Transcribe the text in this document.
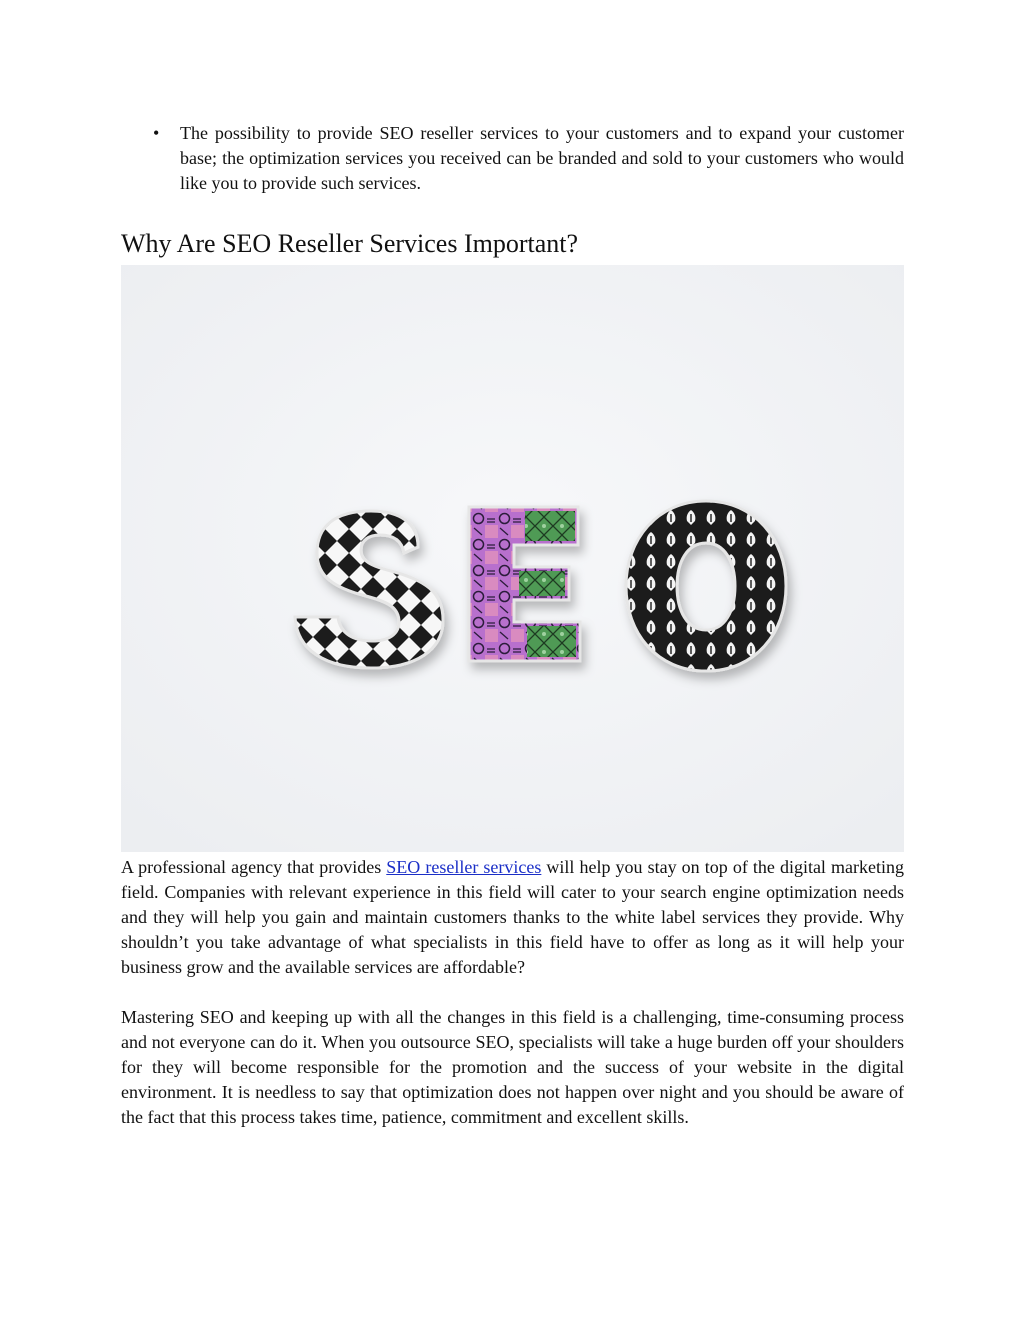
• The possibility to provide SEO reseller services to your customers and to expand your customer base; the optimization services you received can be branded and sold to your customers who would like you to provide such services.
Why Are SEO Reseller Services Important?

A professional agency that provides SEO reseller services will help you stay on top of the digital marketing field. Companies with relevant experience in this field will cater to your search engine optimization needs and they will help you gain and maintain customers thanks to the white label services they provide. Why shouldn’t you take advantage of what specialists in this field have to offer as long as it will help your business grow and the available services are affordable?

Mastering SEO and keeping up with all the changes in this field is a challenging, time-consuming process and not everyone can do it. When you outsource SEO, specialists will take a huge burden off your shoulders for they will become responsible for the promotion and the success of your website in the digital environment. It is needless to say that optimization does not happen over night and you should be aware of the fact that this process takes time, patience, commitment and excellent skills.
